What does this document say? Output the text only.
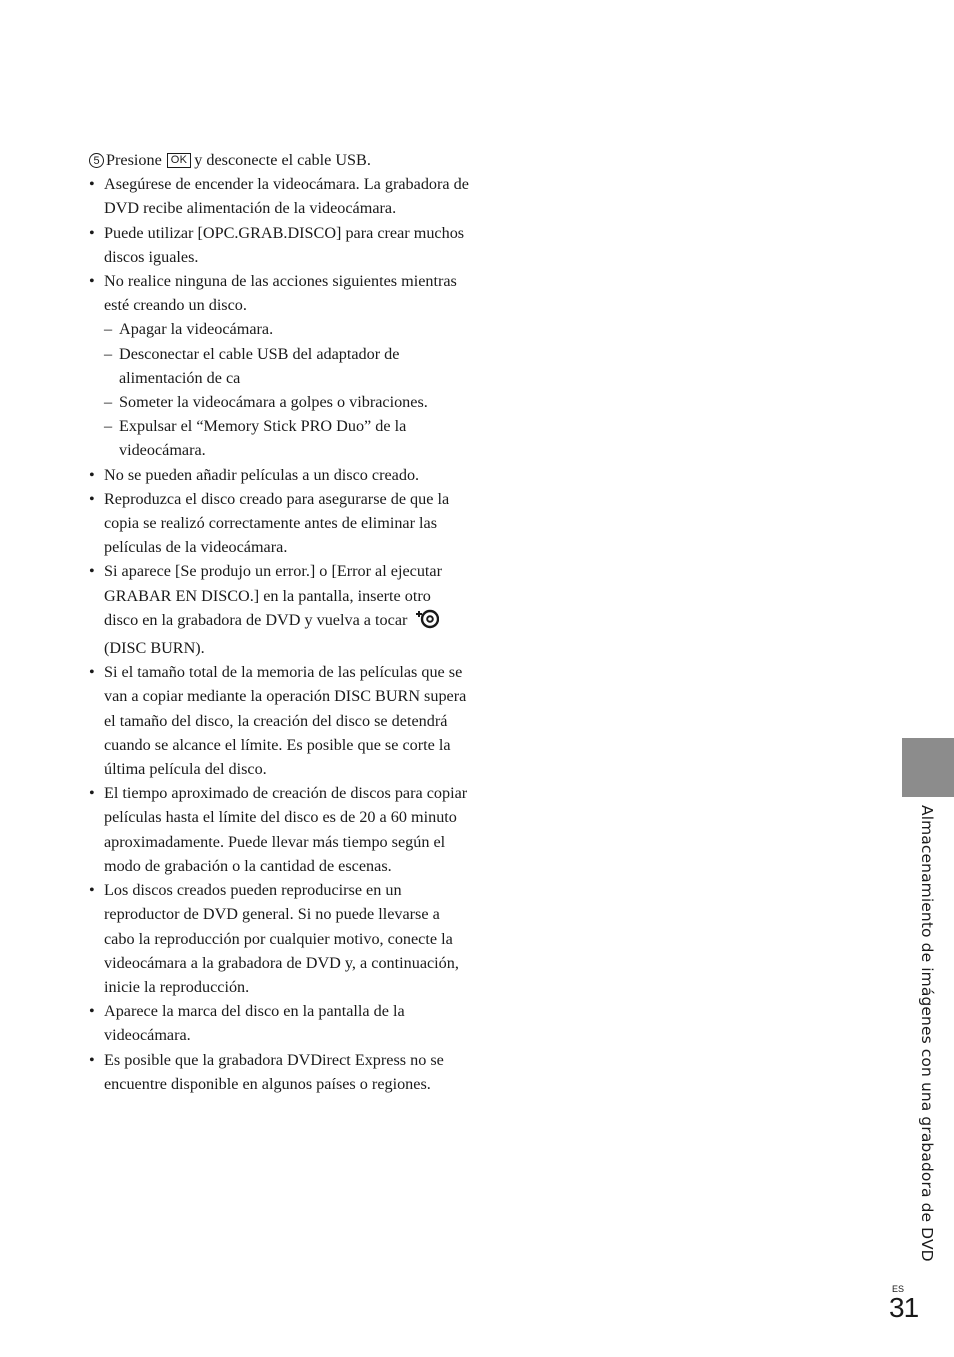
5 Presione OK y desconecte el cable USB.
• Asegúrese de encender la videocámara. La grabadora de DVD recibe alimentación de la videocámara.
• Puede utilizar [OPC.GRAB.DISCO] para crear muchos discos iguales.
• No realice ninguna de las acciones siguientes mientras esté creando un disco.
– Apagar la videocámara.
– Desconectar el cable USB del adaptador de alimentación de ca
– Someter la videocámara a golpes o vibraciones.
– Expulsar el “Memory Stick PRO Duo” de la videocámara.
• No se pueden añadir películas a un disco creado.
• Reproduzca el disco creado para asegurarse de que la copia se realizó correctamente antes de eliminar las películas de la videocámara.
• Si aparece [Se produjo un error.] o [Error al ejecutar GRABAR EN DISCO.] en la pantalla, inserte otro disco en la grabadora de DVD y vuelva a tocar(DISC BURN).
• Si el tamaño total de la memoria de las películas que se van a copiar mediante la operación DISC BURN supera el tamaño del disco, la creación del disco se detendrá cuando se alcance el límite. Es posible que se corte la última película del disco.
• El tiempo aproximado de creación de discos para copiar películas hasta el límite del disco es de 20 a 60 minuto aproximadamente. Puede llevar más tiempo según el modo de grabación o la cantidad de escenas.
• Los discos creados pueden reproducirse en un reproductor de DVD general. Si no puede llevarse a cabo la reproducción por cualquier motivo, conecte la videocámara a la grabadora de DVD y, a continuación, inicie la reproducción.
• Aparece la marca del disco en la pantalla de la videocámara.
• Es posible que la grabadora DVDirect Express no se encuentre disponible en algunos países o regiones.	Almacenamiento de imágenes con una grabadora de DVD
ES
31
